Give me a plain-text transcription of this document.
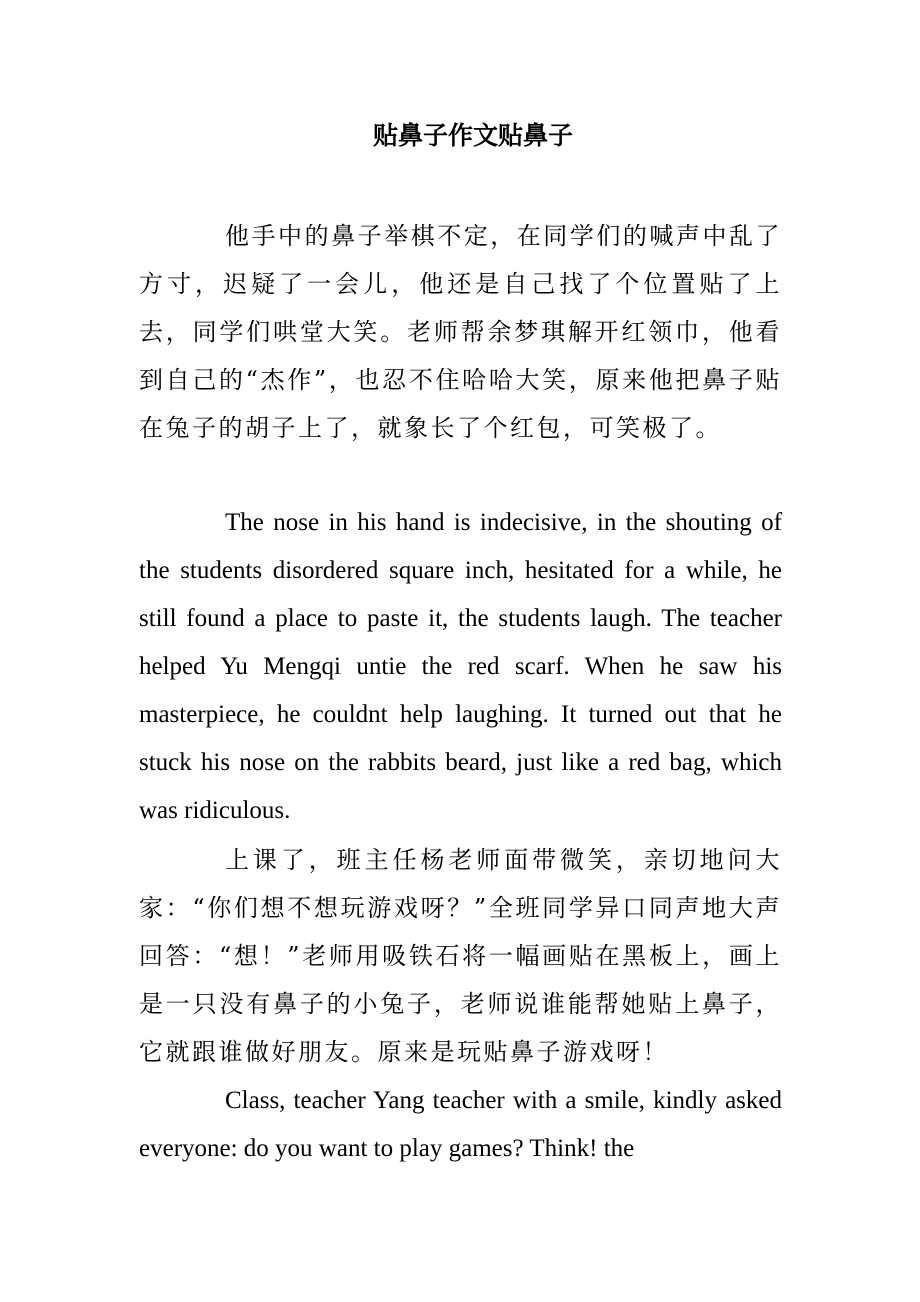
贴鼻子作文贴鼻子

他手中的鼻子举棋不定，在同学们的喊声中乱了方寸，迟疑了一会儿，他还是自己找了个位置贴了上去，同学们哄堂大笑。老师帮余梦琪解开红领巾，他看到自己的“杰作”，也忍不住哈哈大笑，原来他把鼻子贴在兔子的胡子上了，就象长了个红包，可笑极了。

The nose in his hand is indecisive, in the shouting of the students disordered square inch, hesitated for a while, he still found a place to paste it, the students laugh. The teacher helped Yu Mengqi untie the red scarf. When he saw his masterpiece, he couldnt help laughing. It turned out that he stuck his nose on the rabbits beard, just like a red bag, which was ridiculous.

上课了，班主任杨老师面带微笑，亲切地问大家：“你们想不想玩游戏呀？”全班同学异口同声地大声回答：“想！”老师用吸铁石将一幅画贴在黑板上，画上是一只没有鼻子的小兔子，老师说谁能帮她贴上鼻子，它就跟谁做好朋友。原来是玩贴鼻子游戏呀！

Class, teacher Yang teacher with a smile, kindly asked everyone: do you want to play games? Think! the
